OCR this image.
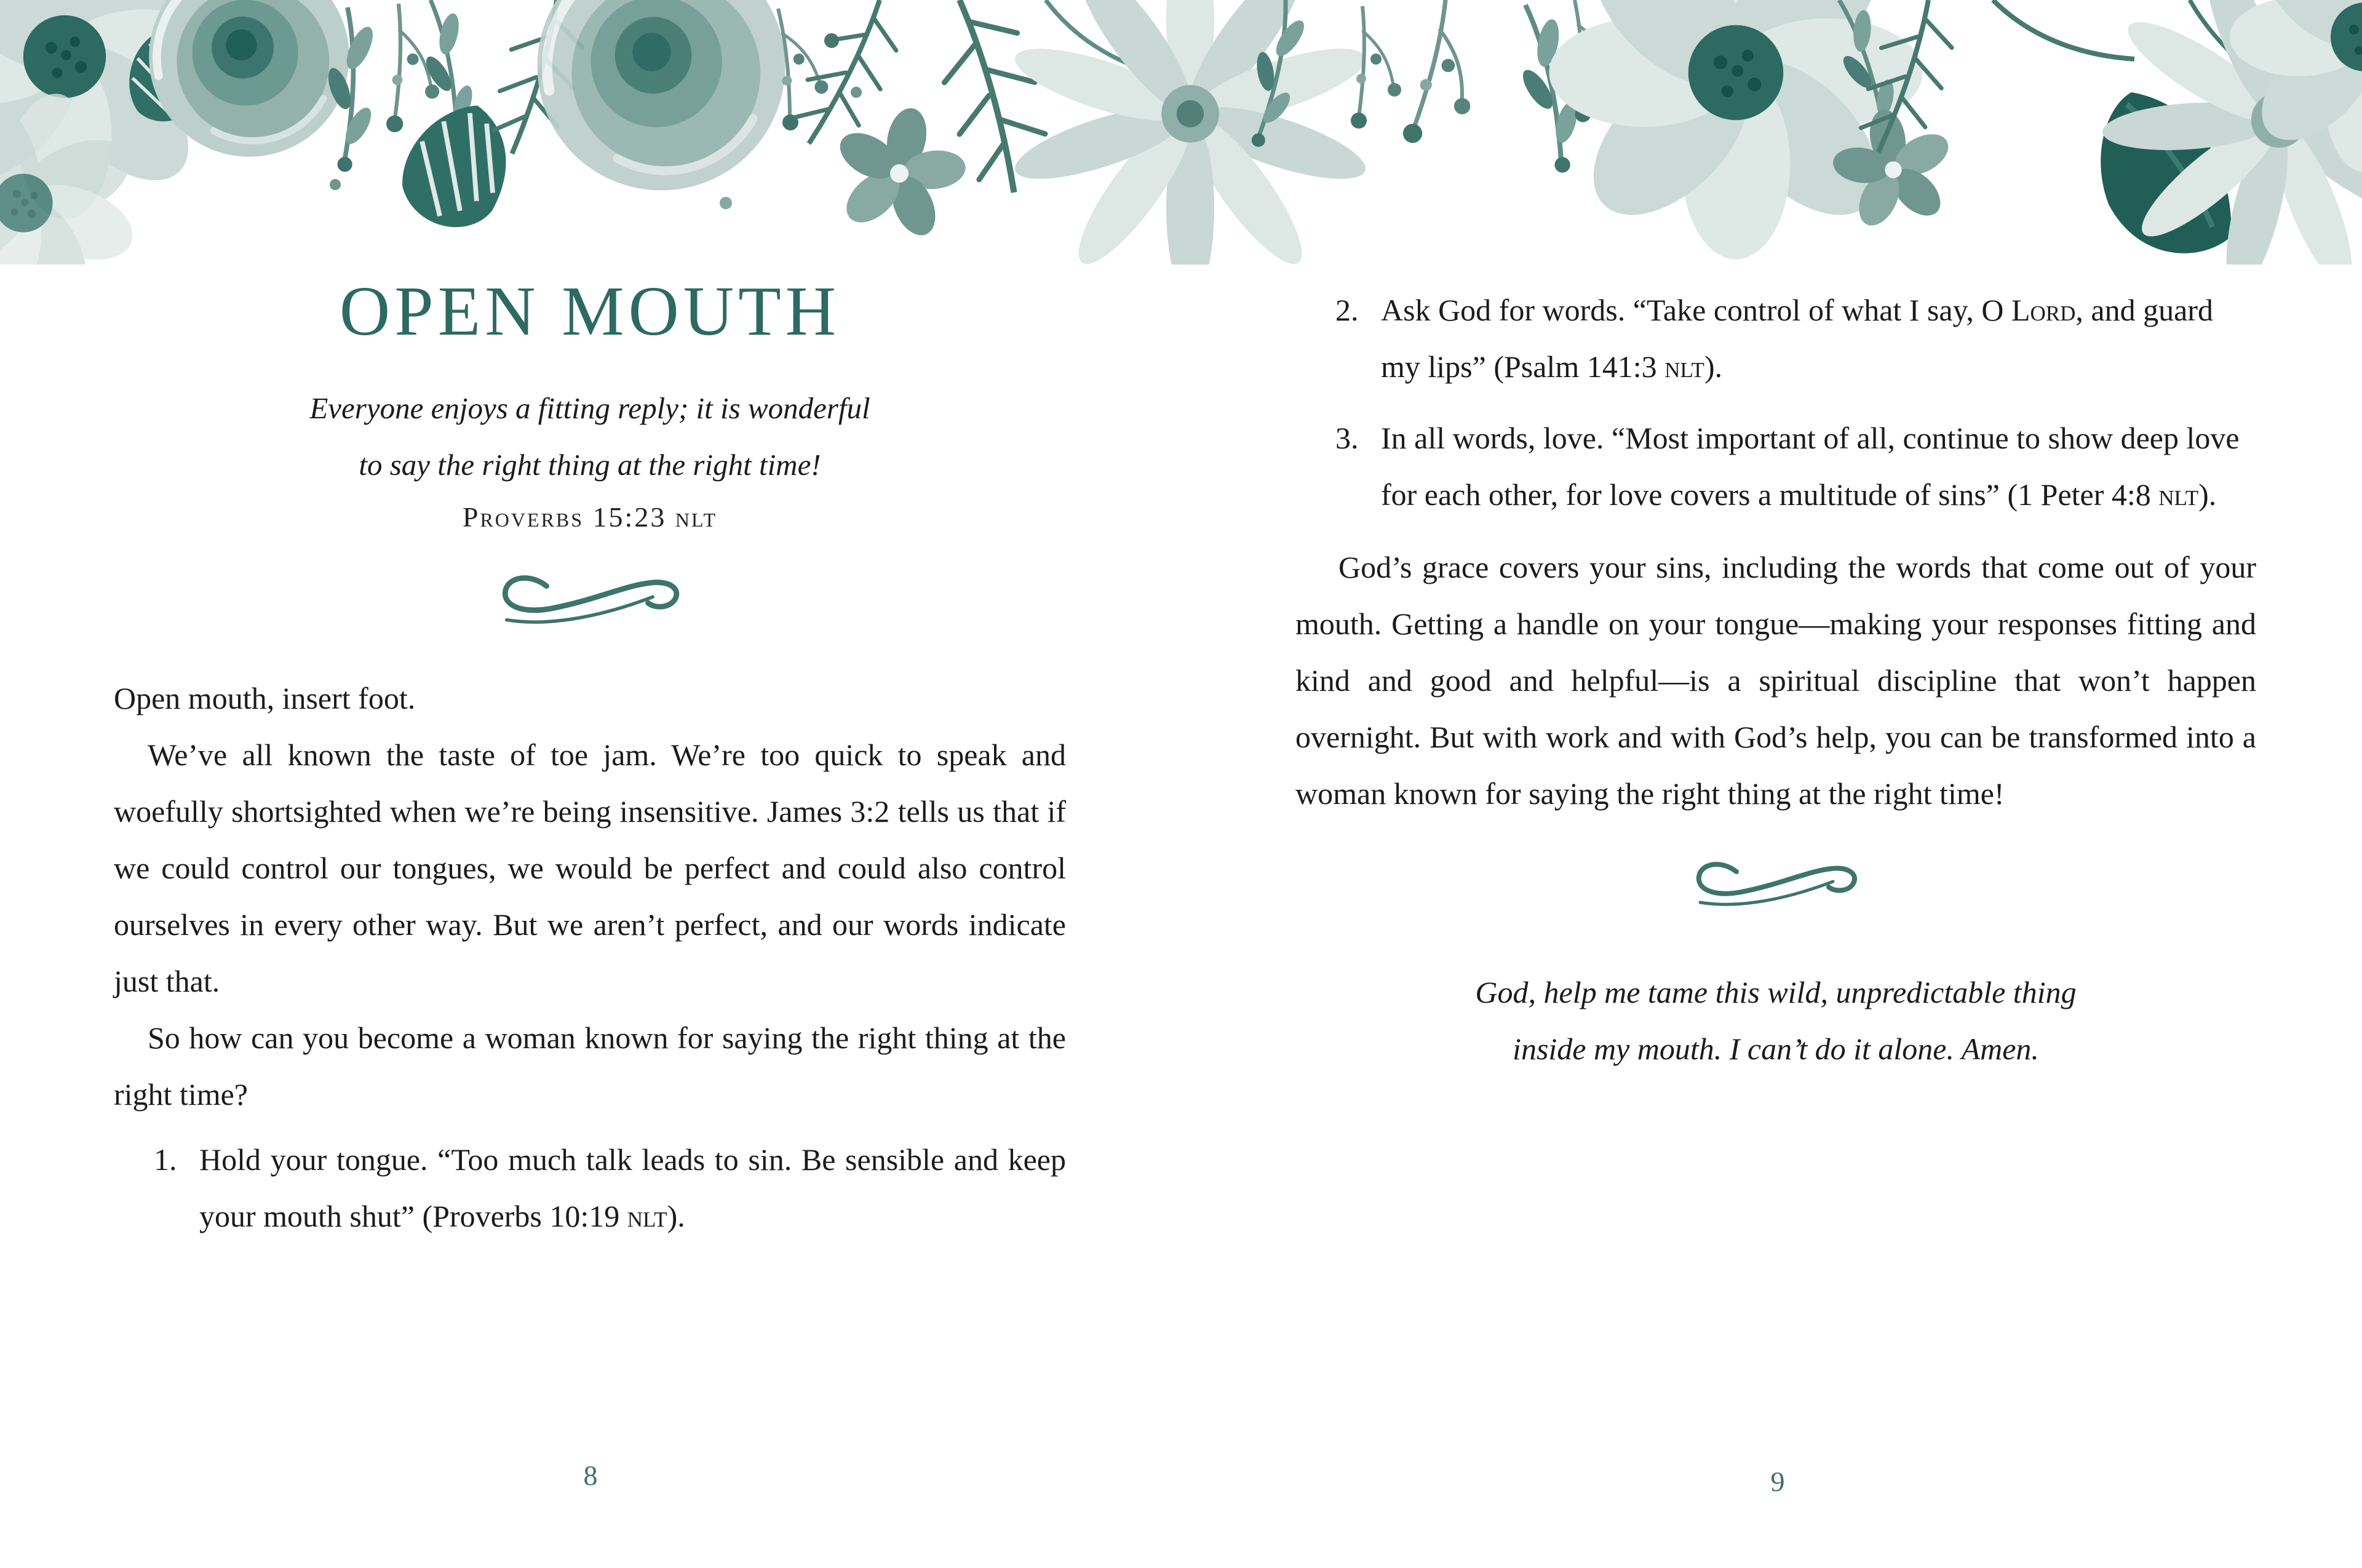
OPEN MOUTH
Everyone enjoys a fitting reply; it is wonderful
to say the right thing at the right time!
Proverbs 15:23 nlt

Open mouth, insert foot.

We’ve all known the taste of toe jam. We’re too quick to speak and woefully shortsighted when we’re being insensitive. James 3:2 tells us that if we could control our tongues, we would be perfect and could also control ourselves in every other way. But we aren’t perfect, and our words indicate just that.

So how can you become a woman known for saying the right thing at the right time?

1. Hold your tongue. “Too much talk leads to sin. Be sensible and keep your mouth shut” (Proverbs 10:19 nlt).
2. Ask God for words. “Take control of what I say, O Lord, and guard my lips” (Psalm 141:3 nlt).
3. In all words, love. “Most important of all, continue to show deep love for each other, for love covers a multitude of sins” (1 Peter 4:8 nlt).

God’s grace covers your sins, including the words that come out of your mouth. Getting a handle on your tongue—making your responses fitting and kind and good and helpful—is a spiritual discipline that won’t happen overnight. But with work and with God’s help, you can be transformed into a woman known for saying the right thing at the right time!

God, help me tame this wild, unpredictable thing
inside my mouth. I can’t do it alone. Amen.
8	9
